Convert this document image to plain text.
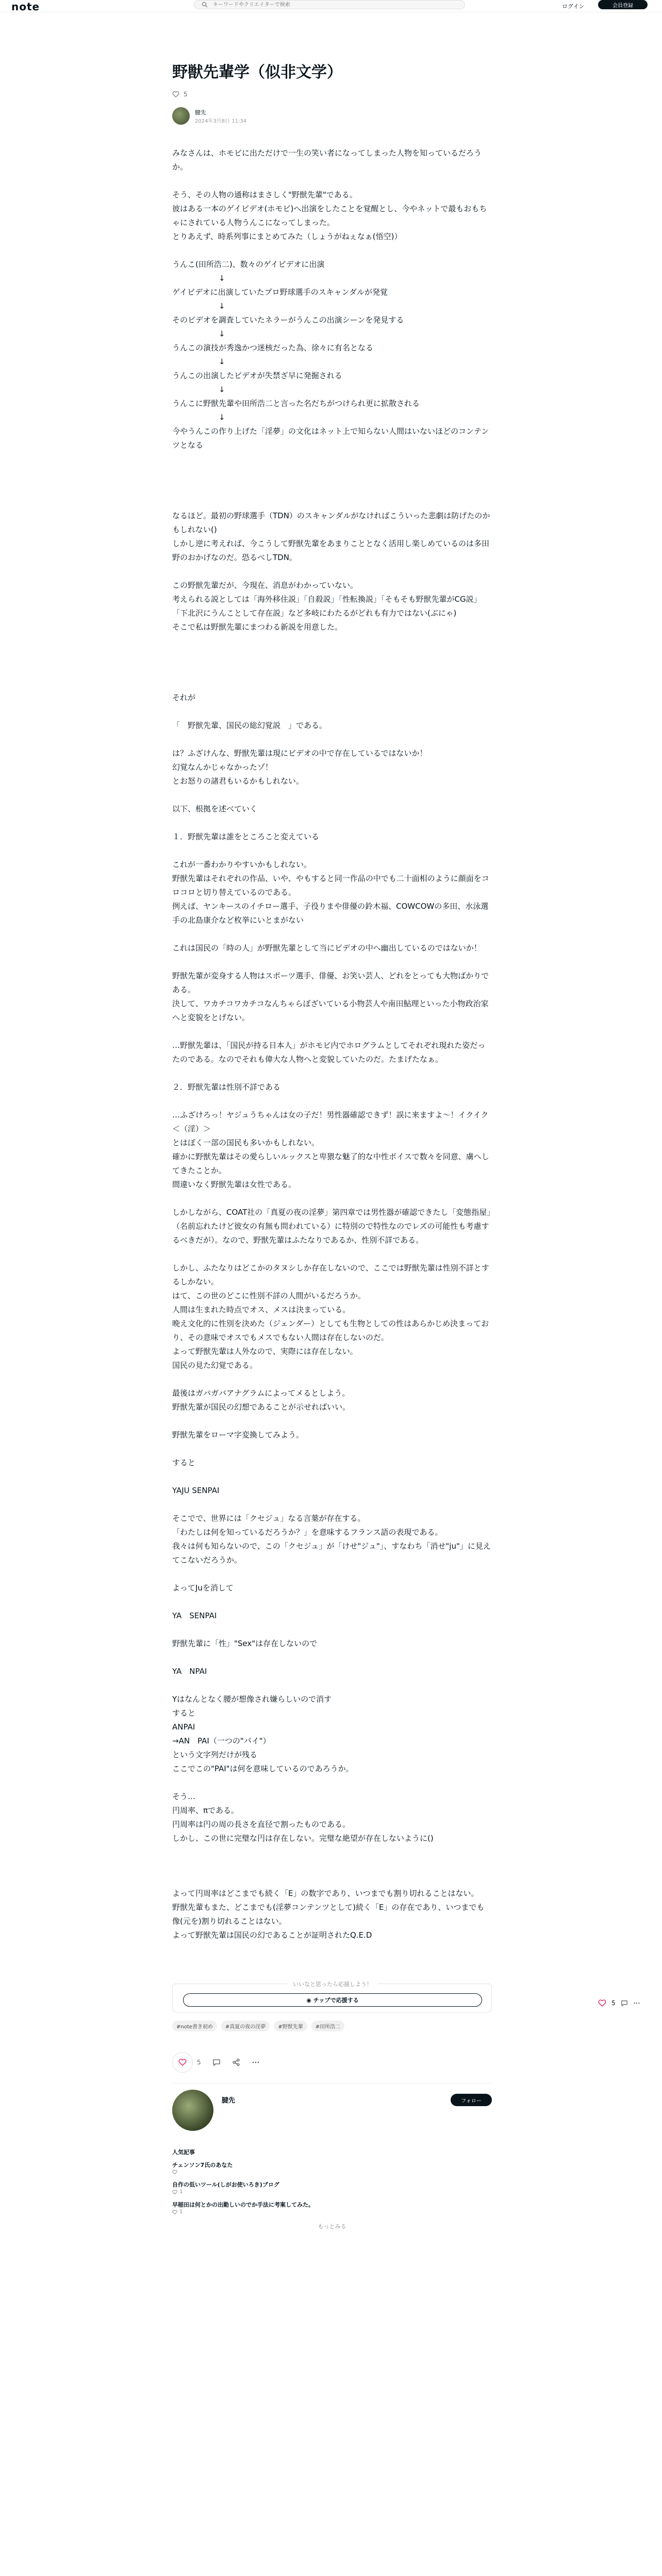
note
キーワードやクリエイターで検索	ログイン	会員登録
野獣先輩学（似非文学）
5
腱先
2024年3月8日 11:34

みなさんは、ホモビに出ただけで一生の笑い者になってしまった人物を知っているだろうか。

そう、その人物の通称はまさしく"野獣先輩"である。
彼はある一本のゲイビデオ(ホモビ)へ出演をしたことを覚醒とし、今やネットで最もおもちゃにされている人物うんこになってしまった。
とりあえず、時系列事にまとめてみた（しょうがねぇなぁ(悟空)）

うんこ(田所浩二)、数々のゲイビデオに出演
　　　　　　↓
ゲイビデオに出演していたプロ野球選手のスキャンダルが発覚
　　　　　　↓
そのビデオを調査していたネラーがうんこの出演シーンを発見する
　　　　　　↓
うんこの演技が秀逸かつ迷核だった為、徐々に有名となる
　　　　　　↓
うんこの出演したビデオが失禁ざ早に発掘される
　　　　　　↓
うんこに野獣先輩や田所浩二と言った名だちがつけられ更に拡散される
　　　　　　↓
今やうんこの作り上げた「淫夢」の文化はネット上で知らない人間はいないほどのコンテンツとなる

なるほど。最初の野球選手（TDN）のスキャンダルがなければこういった悲劇は防げたのかもしれない()
しかし逆に考えれば、今こうして野獣先輩をあまりこととなく活用し楽しめているのは多田野のおかげなのだ。恐るべしTDN。

この野獣先輩だが、今現在、消息がわかっていない。
考えられる説としては「海外移住説」「自殺説」「性転換説」「そもそも野獣先輩がCG説」「下北沢にうんことして存在説」など多岐にわたるがどれも有力ではない(ぶにゃ)
そこで私は野獣先輩にまつわる新説を用意した。

それが

「　野獣先輩、国民の総幻覚説　」である。

は？ふざけんな、野獣先輩は現にビデオの中で存在しているではないか！
幻覚なんかじゃなかったゾ！
とお怒りの諸君もいるかもしれない。

以下、根拠を述べていく

１．野獣先輩は誰をところこと変えている

これが一番わかりやすいかもしれない。
野獣先輩はそれぞれの作品、いや、やもすると同一作品の中でも二十面相のように顔面をコロコロと切り替えているのである。
例えば、ヤンキースのイチロー選手、子役りまや俳優の鈴木福、COWCOWの多田、水泳選手の北島康介など枚挙にいとまがない

これは国民の「時の人」が野獣先輩として当にビデオの中へ幽出しているのではないか！

野獣先輩が変身する人物はスポーツ選手、俳優、お笑い芸人、どれをとっても大物ばかりである。
決して、ワカチコワカチコなんちゃらぼざいている小物芸人や南田鮎理といった小物政治家へと変貌をとげない。

…野獣先輩は、「国民が持る日本人」がホモビ内でホログラムとしてそれぞれ現れた姿だったのである。なのでそれも偉大な人物へと変貌していたのだ。たまげたなぁ。

２．野獣先輩は性別不詳である

…ふざけろっ！ヤジュうちゃんは女の子だ！男性器確認できず！誤に来ますよ～！イクイク　＜（淫）＞
とはぼく一部の国民も多いかもしれない。
確かに野獣先輩はその愛らしいルックスと卑猥な魅了的な中性ボイスで数々を同意、虜へしてきたことか。
間違いなく野獣先輩は女性である。

しかしながら、COAT社の「真夏の夜の淫夢」第四章では男性器が確認できたし「変態指屋」（名前忘れたけど彼女の有無も問われている）に特別ので特性なのでレズの可能性も考慮するべきだが）。なので、野獣先輩はふたなりであるか、性別不詳である。

しかし、ふたなりはどこかのタヌシしか存在しないので、ここでは野獣先輩は性別不詳とするしかない。
はて、この世のどこに性別不詳の人間がいるだろうか。
人間は生まれた時点でオス、メスは決まっている。
晩え文化的に性別を決めた（ジェンダー）としても生物としての性はあらかじめ決まっており、その意味でオスでもメスでもない人間は存在しないのだ。
よって野獣先輩は人外なので、実際には存在しない。
国民の見た幻覚である。

最後はガバガバアナグラムによってメるとしよう。
野獣先輩が国民の幻想であることが示せればいい。

野獣先輩をローマ字変換してみよう。

すると

YAJU SENPAI

そこでで、世界には「クセジュ」なる言葉が存在する。
「わたしは何を知っているだろうか？」を意味するフランス語の表現である。
我々は何も知らないので、この「クセジュ」が「けせ"ジュ"」、すなわち「消せ"ju"」に見えてこないだろうか。

よってJuを消して

YA　SENPAI

野獣先輩に「性」"Sex"は存在しないので

YA　NPAI

Yはなんとなく腰が想像され嫌らしいので消す
すると
ANPAI
→AN　PAI（一つの"パイ"）
という文字列だけが残る
ここでこの"PAI"は何を意味しているのであろうか。

そう…
円周率、πである。
円周率は円の周の長さを直径で割ったものである。
しかし、この世に完璧な円は存在しない。完璧な絶望が存在しないように()

よって円周率はどこまでも続く「E」の数字であり、いつまでも割り切れることはない。
野獣先輩もまた、どこまでも(淫夢コンテンツとして)続く「E」の存在であり、いつまでも像(元を)割り切れることはない。
よって野獣先輩は国民の幻であることが証明されたQ.E.D

いいなと思ったら応援しよう！
◉ チップで応援する
#note書き初め	#真夏の夜の淫夢	#野獣先輩	#田所浩二
5
腱先	フォロー
人気記事
チェンソン7氏のあなた
自作の低いツール(しがお使いろき)ブログ
1
早稲田は何とかの出勤しいのでか手法に考案してみた。
1
もっとみる
5
